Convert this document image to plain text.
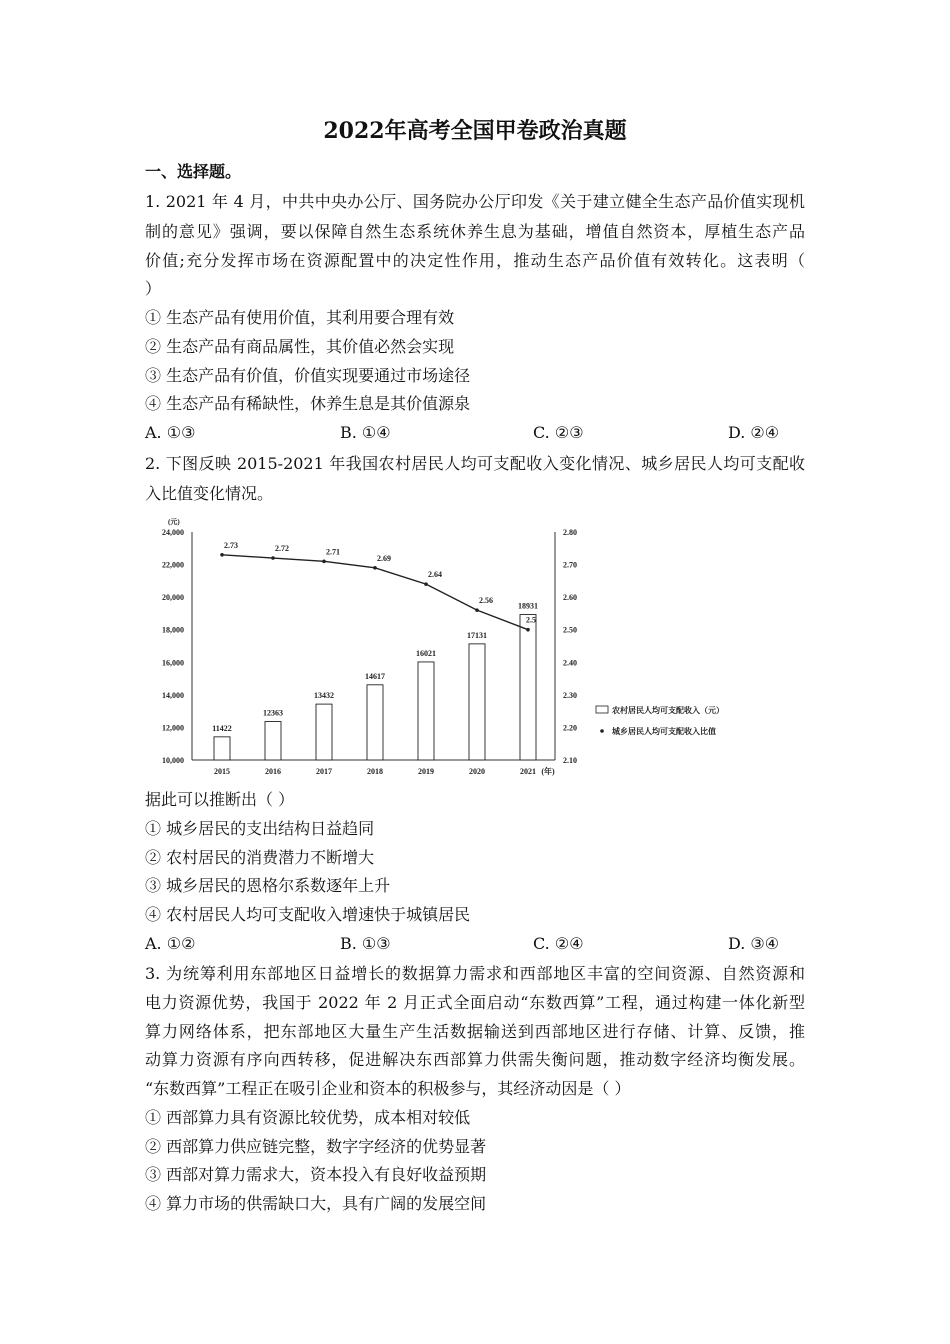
2022年高考全国甲卷政治真题
一、选择题。
1. 2021 年 4 月，中共中央办公厅、国务院办公厅印发《关于建立健全生态产品价值实现机
制的意见》强调，要以保障自然生态系统休养生息为基础，增值自然资本，厚植生态产品
价值;充分发挥市场在资源配置中的决定性作用，推动生态产品价值有效转化。这表明（
）
① 生态产品有使用价值，其利用要合理有效
② 生态产品有商品属性，其价值必然会实现
③ 生态产品有价值，价值实现要通过市场途径
④ 生态产品有稀缺性，休养生息是其价值源泉
A. ①③	B. ①④	C. ②③	D. ②④
2. 下图反映 2015-2021 年我国农村居民人均可支配收入变化情况、城乡居民人均可支配收
入比值变化情况。
(元)
24,000
22,000
20,000
18,000
16,000
14,000
12,000
10,000
2.80
2.70
2.60
2.50
2.40
2.30
2.20
2.10
2015	2016	2017	2018	2019	2020	2021 (年)
11422
12363
13432
14617
16021
17131
18931
2.73	2.72	2.71
2.69
2.64
2.56
2.5
农村居民人均可支配收入（元）
城乡居民人均可支配收入比值
据此可以推断出（ ）
① 城乡居民的支出结构日益趋同
② 农村居民的消费潜力不断增大
③ 城乡居民的恩格尔系数逐年上升
④ 农村居民人均可支配收入增速快于城镇居民
A. ①②	B. ①③	C. ②④	D. ③④
3. 为统筹利用东部地区日益增长的数据算力需求和西部地区丰富的空间资源、自然资源和
电力资源优势，我国于 2022 年 2 月正式全面启动“东数西算”工程，通过构建一体化新型
算力网络体系，把东部地区大量生产生活数据输送到西部地区进行存储、计算、反馈，推
动算力资源有序向西转移，促进解决东西部算力供需失衡问题，推动数字经济均衡发展。
“东数西算”工程正在吸引企业和资本的积极参与，其经济动因是（ ）
① 西部算力具有资源比较优势，成本相对较低
② 西部算力供应链完整，数字字经济的优势显著
③ 西部对算力需求大，资本投入有良好收益预期
④ 算力市场的供需缺口大，具有广阔的发展空间
